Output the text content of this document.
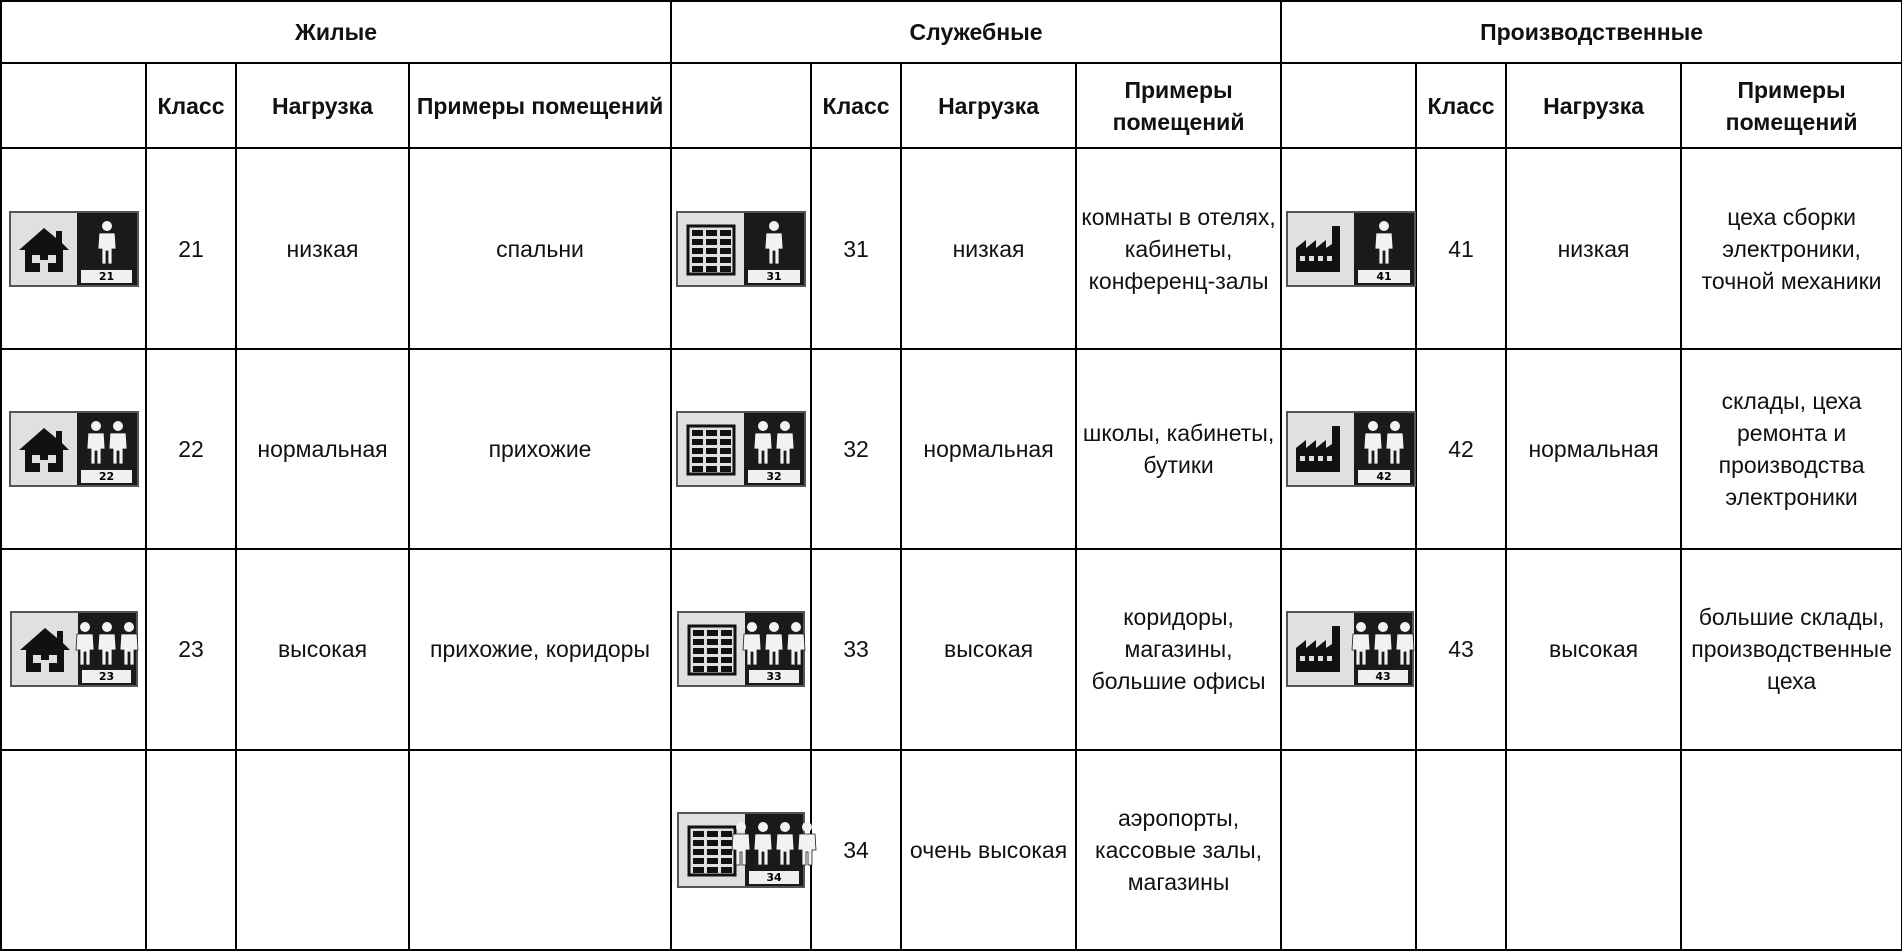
Жилые				Служебные				Производственные			
	Класс	Нагрузка	Примеры помещений		Класс	Нагрузка	Примеры помещений		Класс	Нагрузка	Примеры помещений

21	21	низкая	спальни	31	31	низкая	комнаты в отелях, кабинеты, конференц-залы	41	41	низкая	цеха сборки электроники, точной механики

22	22	нормальная	прихожие	32	32	нормальная	школы, кабинеты, бутики	42	42	нормальная	склады, цеха ремонта и производства электроники

23	23	высокая	прихожие, коридоры	33	33	высокая	коридоры, магазины, большие офисы	43	43	высокая	большие склады, производственные цеха

				34	34	очень высокая	аэропорты, кассовые залы, магазины				
